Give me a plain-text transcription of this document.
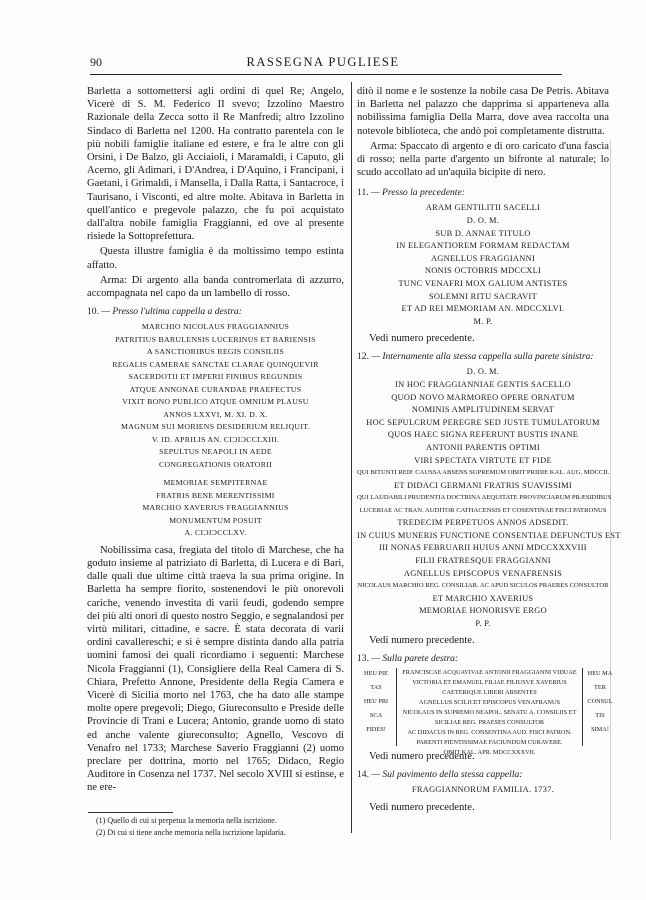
90	RASSEGNA PUGLIESE

Barletta a sottomettersi agli ordini di quel Re; Angelo, Vicerè di S. M. Federico II svevo; Izzolino Maestro Razionale della Zecca sotto il Re Manfredi; altro Izzolino Sindaco di Barletta nel 1200. Ha contratto parentela con le più nobili famiglie italiane ed estere, e fra le altre con gli Orsini, i De Balzo, gli Acciaioli, i Maramaldi, i Caputo, gli Acerno, gli Adimari, i D'Andrea, i D'Aquino, i Francipani, i Gaetani, i Grimaldi, i Mansella, i Dalla Ratta, i Santacroce, i Taurisano, i Visconti, ed altre molte. Abitava in Barletta in quell'antico e pregevole palazzo, che fu poi acquistato dall'altra nobile famiglia Fraggianni, ed ove al presente risiede la Sottoprefettura.

Questa illustre famiglia è da moltissimo tempo estinta affatto.

Arma: Di argento alla banda contromerlata di azzurro, accompagnata nel capo da un lambello di rosso.

10. — Presso l'ultima cappella a destra:
MARCHIO NICOLAUS FRAGGIANNIUS
PATRITIUS BARULENSIS LUCERINUS ET BARIENSIS
A SANCTIORIBUS REGIS CONSILIIS
REGALIS CAMERAE SANCTAE CLARAE QUINQUEVIR
SACERDOTII ET IMPERII FINIBUS REGUNDIS
ATQUE ANNONAE CURANDAE PRAEFECTUS
VIXIT BONO PUBLICO ATQUE OMNIUM PLAUSU
ANNOS LXXVI, M. XI. D. X.
MAGNUM SUI MORIENS DESIDERIUM RELIQUIT.
V. ID. APRILIS AN. CIƆIƆCCLXIII.
SEPULTUS NEAPOLI IN AEDE
CONGREGATIONIS ORATORII
MEMORIAE SEMPITERNAE
FRATRIS BENE MERENTISSIMI
MARCHIO XAVERIUS FRAGGIANNIUS
MONUMENTUM POSUIT
A. CIƆIƆCCLXV.

Nobilissima casa, fregiata del titolo di Marchese, che ha goduto insieme al patriziato di Barletta, di Lucera e di Bari, dalle quali due ultime città traeva la sua prima origine. In Barletta ha sempre fiorito, sostenendovi le più onorevoli cariche, venendo investita di varii feudi, godendo sempre dei più alti onori di questo nostro Seggio, e segnalandosi per virtù militari, cittadine, e sacre. È stata decorata di varii ordini cavallereschi; e si è sempre distinta dando alla patria uomini famosi dei quali ricordiamo i seguenti: Marchese Nicola Fraggianni (1), Consigliere della Real Camera di S. Chiara, Prefetto Annone, Presidente della Regia Camera e Vicerè di Sicilia morto nel 1763, che ha dato alle stampe molte opere pregevoli; Diego, Giureconsulto e Preside delle Provincie di Trani e Lucera; Antonio, grande uomo di stato ed anche valente giureconsulto; Agnello, Vescovo di Venafro nel 1733; Marchese Saverio Fraggianni (2) uomo preclare per dottrina, morto nel 1765; Didaco, Regio Auditore in Cosenza nel 1737. Nel secolo XVIII si estinse, e ne ere-

(1) Quello di cui si perpetua la memoria nella iscrizione.
(2) Di cui si tiene anche memoria nella iscrizione lapidaria.

ditò il nome e le sostenze la nobile casa De Petris. Abitava in Barletta nel palazzo che dapprima si apparteneva alla nobilissima famiglia Della Marra, dove avea raccolta una notevole biblioteca, che andò poi completamente distrutta.

Arma: Spaccato di argento e di oro caricato d'una fascia di rosso; nella parte d'argento un bifronte al naturale; lo scudo accollato ad un'aquila bicipite di nero.

11. — Presso la precedente:
ARAM GENTILITII SACELLI
D. O. M.
SUB D. ANNAE TITULO
IN ELEGANTIOREM FORMAM REDACTAM
AGNELLUS FRAGGIANNI
NONIS OCTOBRIS MDCCXLI
TUNC VENAFRI MOX GALIUM ANTISTES
SOLEMNI RITU SACRAVIT
ET AD REI MEMORIAM AN. MDCCXLVI.
M. P.
Vedi numero precedente.
12. — Internamente alla stessa cappella sulla parete sinistra:
D. O. M.
IN HOC FRAGGIANNIAE GENTIS SACELLO
QUOD NOVO MARMOREO OPERE ORNATUM
NOMINIS AMPLITUDINEM SERVAT
HOC SEPULCRUM PEREGRE SED JUSTE TUMULATORUM
QUOS HAEC SIGNA REFERUNT BUSTIS INANE
ANTONII PARENTIS OPTIMI
VIRI SPECTATA VIRTUTE ET FIDE
QUI BITUNTI REIP. CAUSSA ABSENS SUPREMUM OBIIT PRIDIE KAL. AUG. MDCCII.
ET DIDACI GERMANI FRATRIS SUAVISSIMI
QUI LAUDABILI PRUDENTIA DOCTRINA AEQUITATE PROVINCIARUM PRÆSIDIBUS
LUCERIAE AC TRAN. AUDITOR CATHACENSIS ET COSENTINAE FISCI PATRONUS
TREDECIM PERPETUOS ANNOS ADSEDIT.
IN CUIUS MUNERIS FUNCTIONE CONSENTIAE DEFUNCTUS EST
III NONAS FEBRUARII HUIUS ANNI MDCCXXXVIII
FILII FRATRESQUE FRAGGIANNI
AGNELLUS EPISCOPUS VENAFRENSIS
NICOLAUS MARCHIO REG. CONSILIAR. AC APUD SICULOS PRAERES CONSULTOR
ET MARCHIO XAVERIUS
MEMORIAE HONORISVE ERGO
P. P.
Vedi numero precedente.
13. — Sulla parete destra:
HEU PIE
TAS
HEU PRI
SCA
FIDES!
FRANCISCAE ACQUAVIVAE ANTONII FRAGGIANNI VIDUAE
VICTORIA ET EMANUEL FILIAE FILIUSVE XAVERIUS
CAETERIQUE LIBERI ABSENTES
AGNELLUS SCILICET EPISCOPUS VENAFRANUS
NICOLAUS IN SUPREMO NEAPOL. SENATU A. CONSILIIS ET
SICILIAE REG. PRAESES CONSULTOR
AC DIDACUS IN REG. CONSENTINA AUD. FISCI PATRON.
PARENTI PIENTISSIMAE FACIUNDUM CURAVERE.
OBIIT KAL. APR. MDCCXXXVII.
HEU MA
TER
CONSUL
TIS
SIMA!
Vedi numero precedente.
14. — Sul pavimento della stessa cappella:
FRAGGIANNORUM FAMILIA. 1737.
Vedi numero precedente.
